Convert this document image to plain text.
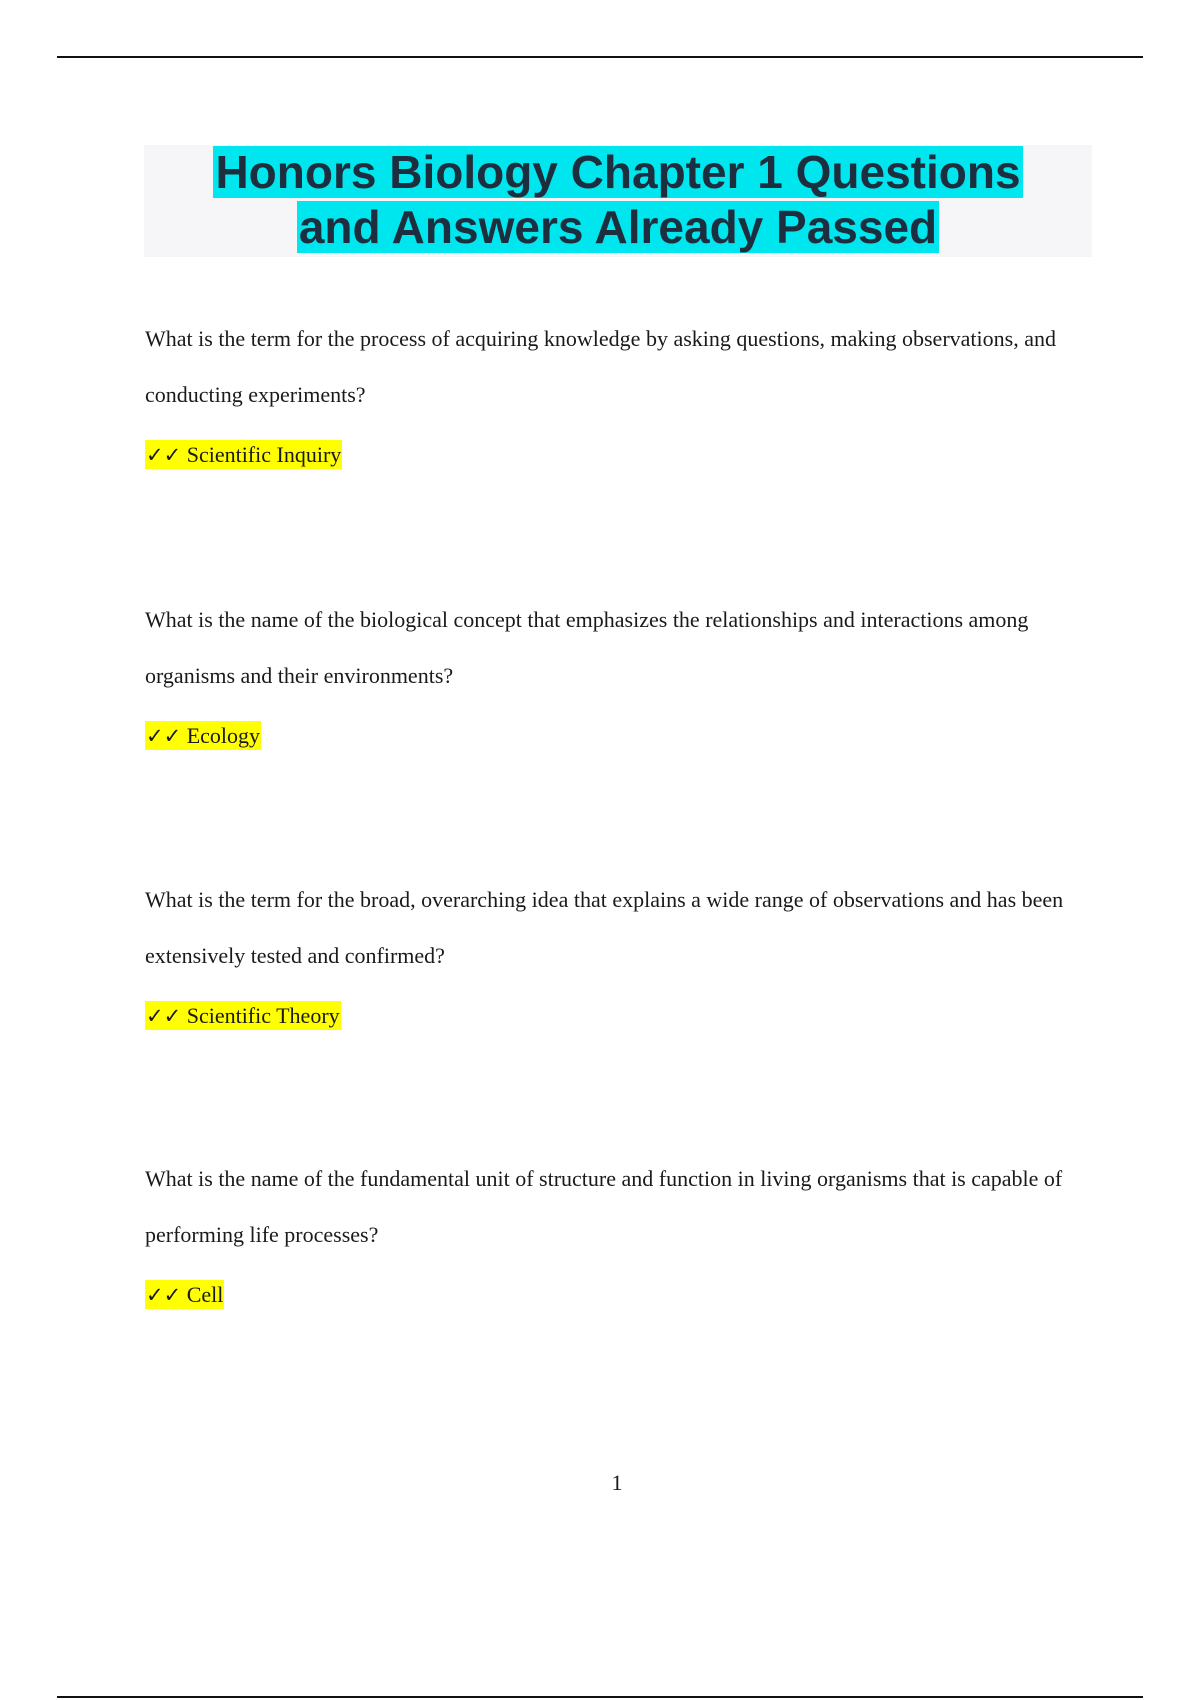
Honors Biology Chapter 1 Questions
and Answers Already Passed

What is the term for the process of acquiring knowledge by asking questions, making observations, and conducting experiments?

✓✓ Scientific Inquiry

What is the name of the biological concept that emphasizes the relationships and interactions among organisms and their environments?

✓✓ Ecology

What is the term for the broad, overarching idea that explains a wide range of observations and has been extensively tested and confirmed?

✓✓ Scientific Theory

What is the name of the fundamental unit of structure and function in living organisms that is capable of performing life processes?

✓✓ Cell

1
